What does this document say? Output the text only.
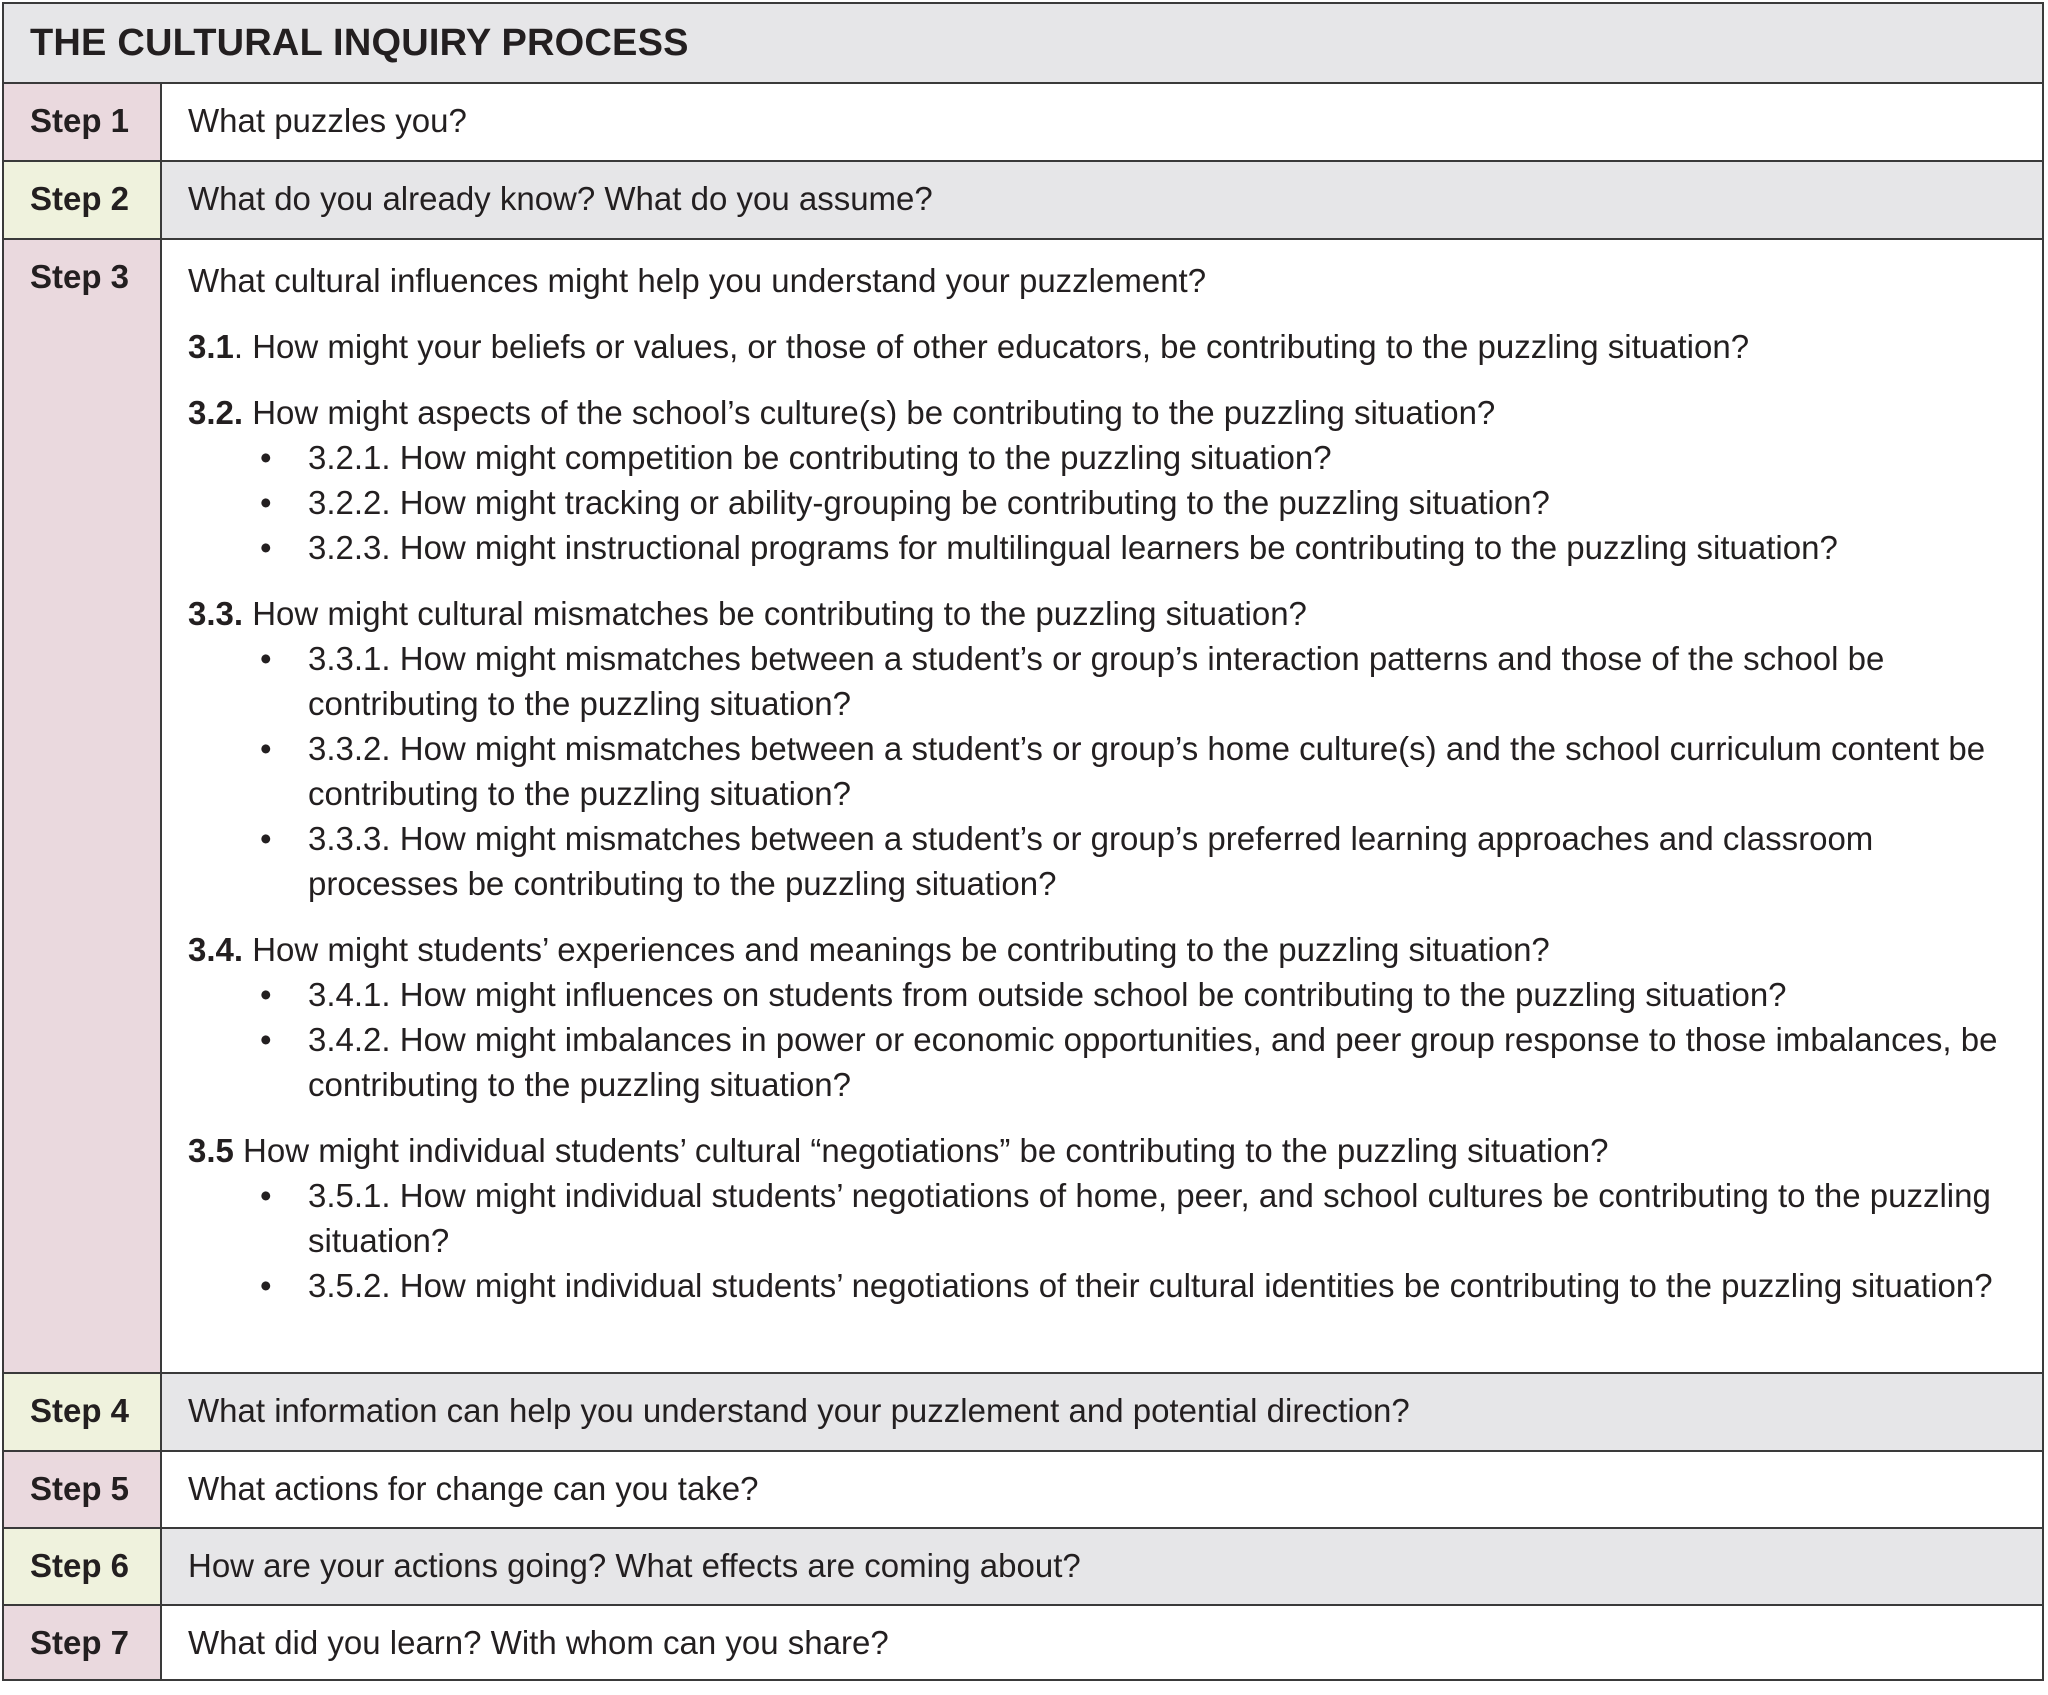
THE CULTURAL INQUIRY PROCESS
Step 1 What puzzles you?
Step 2 What do you already know? What do you assume?
Step 3 What cultural influences might help you understand your puzzlement?

3.1. How might your beliefs or values, or those of other educators, be contributing to the puzzling situation?

3.2. How might aspects of the school’s culture(s) be contributing to the puzzling situation?

• 3.2.1. How might competition be contributing to the puzzling situation?
• 3.2.2. How might tracking or ability-grouping be contributing to the puzzling situation?
• 3.2.3. How might instructional programs for multilingual learners be contributing to the puzzling situation?

3.3. How might cultural mismatches be contributing to the puzzling situation?

• 3.3.1. How might mismatches between a student’s or group’s interaction patterns and those of the school be contributing to the puzzling situation?
• 3.3.2. How might mismatches between a student’s or group’s home culture(s) and the school curriculum content be contributing to the puzzling situation?
• 3.3.3. How might mismatches between a student’s or group’s preferred learning approaches and classroom processes be contributing to the puzzling situation?

3.4. How might students’ experiences and meanings be contributing to the puzzling situation?

• 3.4.1. How might influences on students from outside school be contributing to the puzzling situation?
• 3.4.2. How might imbalances in power or economic opportunities, and peer group response to those imbalances, be contributing to the puzzling situation?

3.5 How might individual students’ cultural “negotiations” be contributing to the puzzling situation?

• 3.5.1. How might individual students’ negotiations of home, peer, and school cultures be contributing to the puzzling situation?
• 3.5.2. How might individual students’ negotiations of their cultural identities be contributing to the puzzling situation?
Step 4 What information can help you understand your puzzlement and potential direction?
Step 5 What actions for change can you take?
Step 6 How are your actions going? What effects are coming about?
Step 7 What did you learn? With whom can you share?
